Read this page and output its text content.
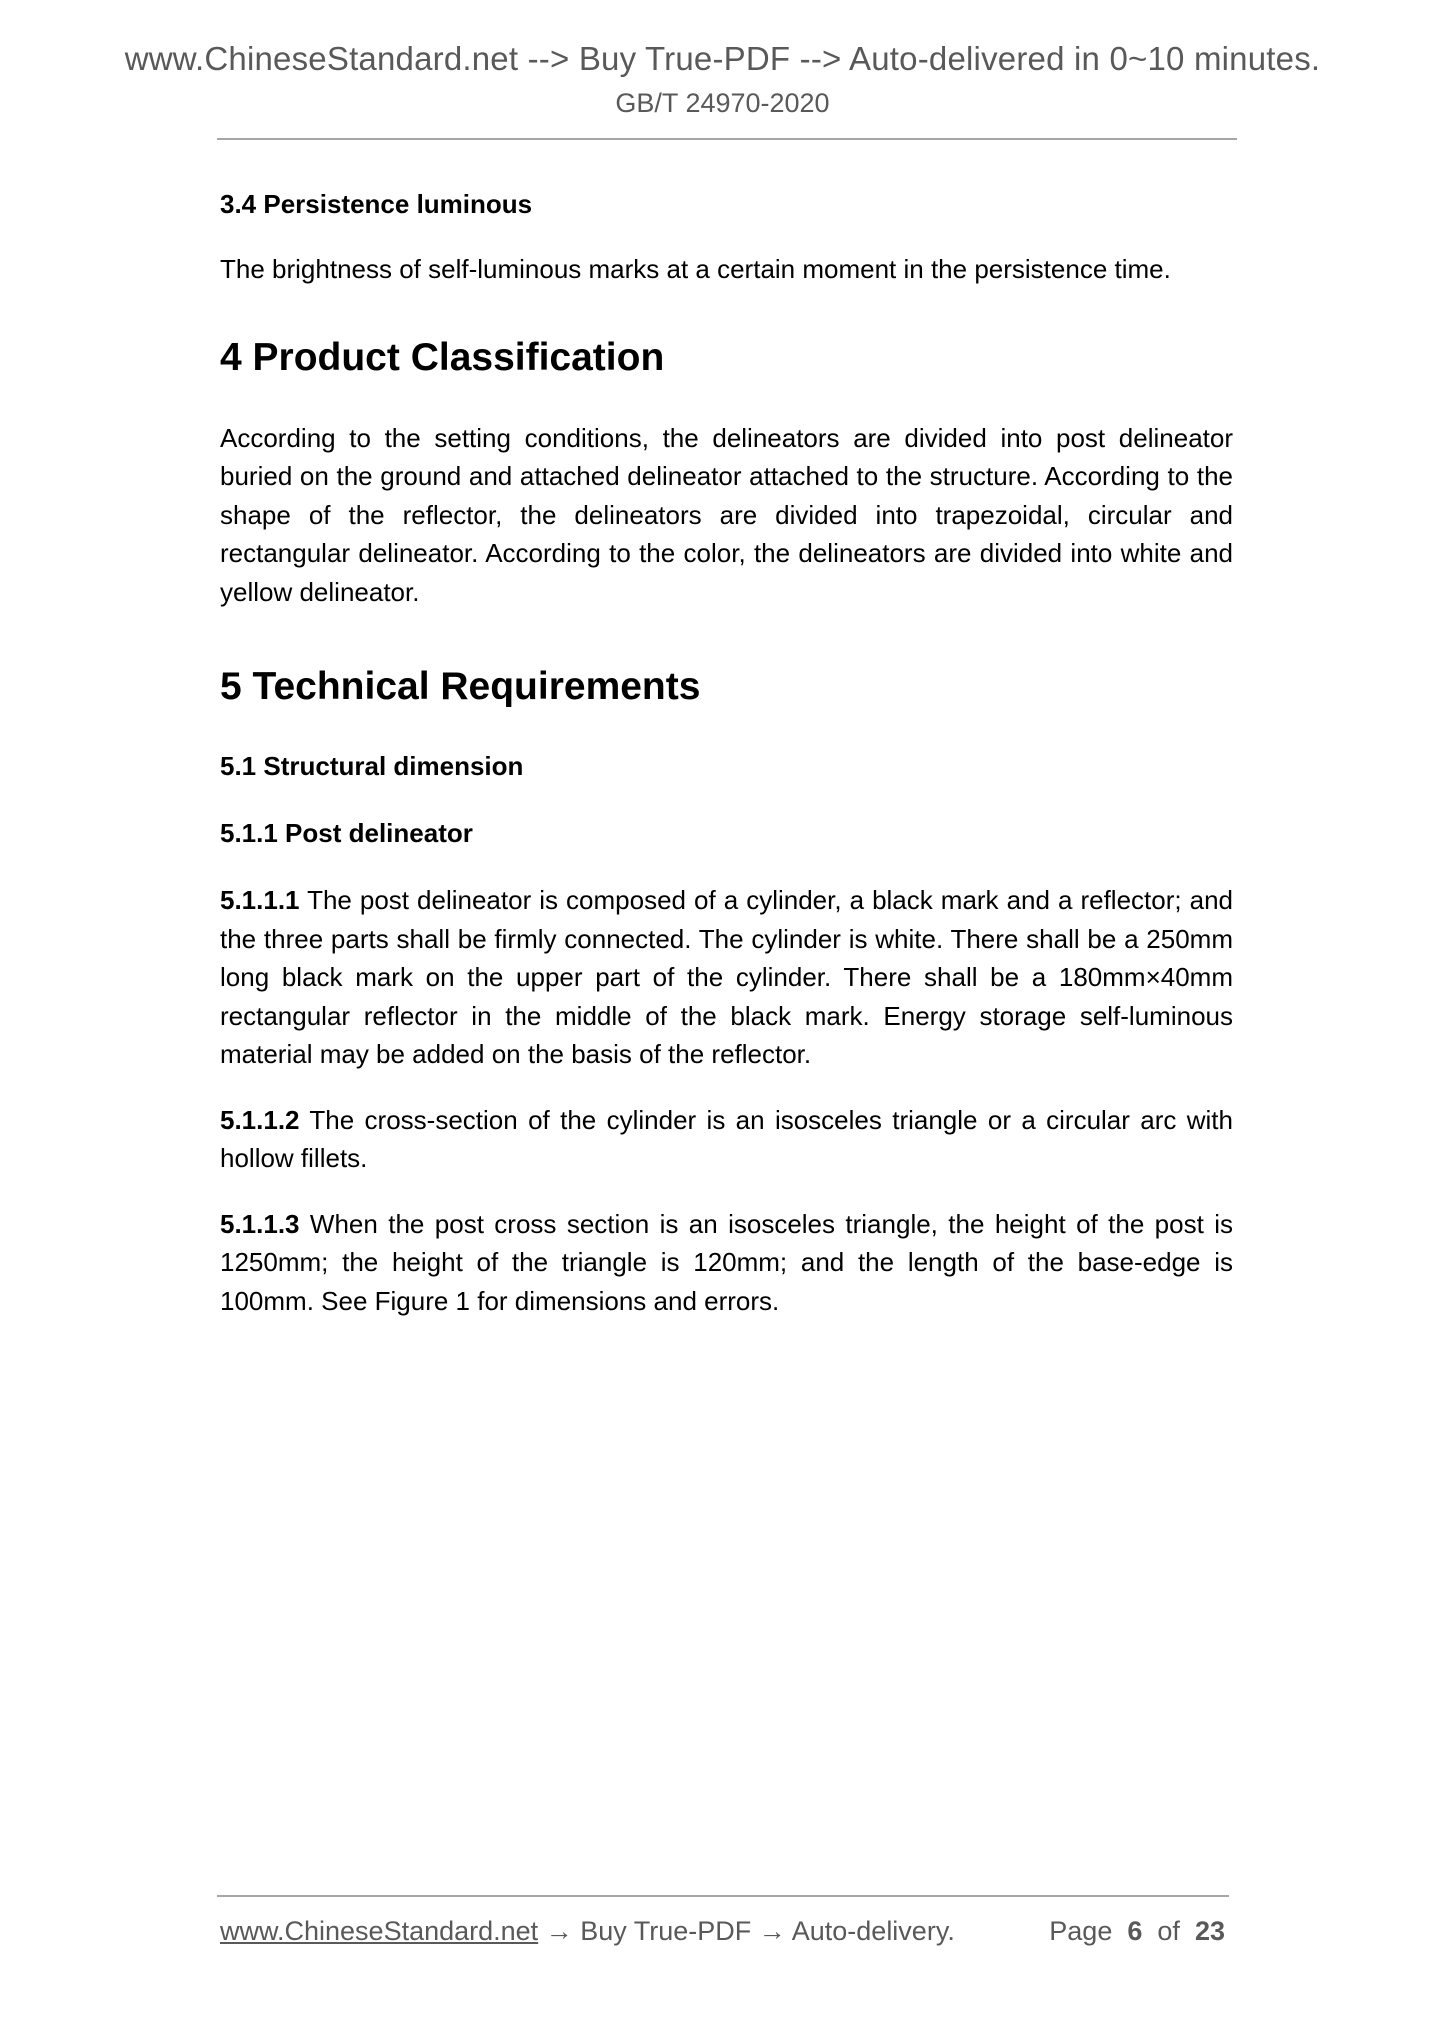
www.ChineseStandard.net --> Buy True-PDF --> Auto-delivered in 0~10 minutes.
GB/T 24970-2020

3.4 Persistence luminous

The brightness of self-luminous marks at a certain moment in the persistence time.

4 Product Classification

According to the setting conditions, the delineators are divided into post delineator buried on the ground and attached delineator attached to the structure. According to the shape of the reflector, the delineators are divided into trapezoidal, circular and rectangular delineator. According to the color, the delineators are divided into white and yellow delineator.

5 Technical Requirements

5.1 Structural dimension

5.1.1 Post delineator

5.1.1.1 The post delineator is composed of a cylinder, a black mark and a reflector; and the three parts shall be firmly connected. The cylinder is white. There shall be a 250mm long black mark on the upper part of the cylinder. There shall be a 180mm×40mm rectangular reflector in the middle of the black mark. Energy storage self-luminous material may be added on the basis of the reflector.

5.1.1.2 The cross-section of the cylinder is an isosceles triangle or a circular arc with hollow fillets.

5.1.1.3 When the post cross section is an isosceles triangle, the height of the post is 1250mm; the height of the triangle is 120mm; and the length of the base-edge is 100mm. See Figure 1 for dimensions and errors.

www.ChineseStandard.net → Buy True-PDF → Auto-delivery.	Page 6 of 23
